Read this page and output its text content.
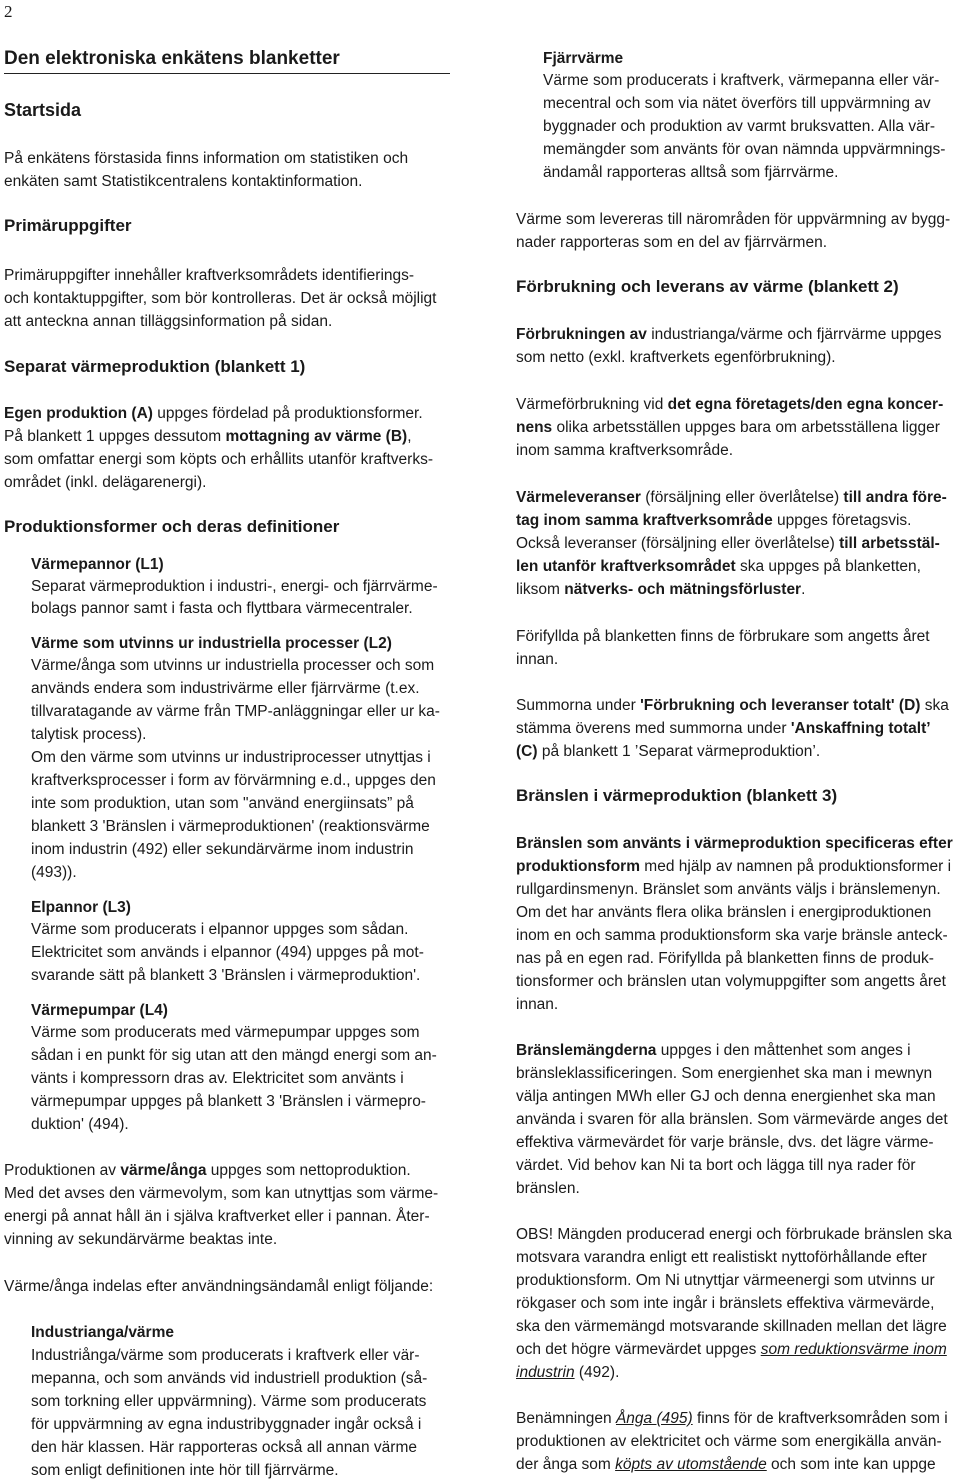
2
Den elektroniska enkätens blanketter
Startsida
På enkätens förstasida finns information om statistiken och
enkäten samt Statistikcentralens kontaktinformation.
Primäruppgifter
Primäruppgifter innehåller kraftverksområdets identifierings-
och kontaktuppgifter, som bör kontrolleras. Det är också möjligt
att anteckna annan tilläggsinformation på sidan.
Separat värmeproduktion (blankett 1)
Egen produktion (A) uppges fördelad på produktionsformer.
På blankett 1 uppges dessutom mottagning av värme (B),
som omfattar energi som köpts och erhållits utanför kraftverks-
området (inkl. delägarenergi).
Produktionsformer och deras definitioner
Värmepannor (L1)
Separat värmeproduktion i industri-, energi- och fjärrvärme-
bolags pannor samt i fasta och flyttbara värmecentraler.
Värme som utvinns ur industriella processer (L2)
Värme/ånga som utvinns ur industriella processer och som
används endera som industrivärme eller fjärrvärme (t.ex.
tillvaratagande av värme från TMP-anläggningar eller ur ka-
talytisk process).
Om den värme som utvinns ur industriprocesser utnyttjas i
kraftverksprocesser i form av förvärmning e.d., uppges den
inte som produktion, utan som "använd energiinsats” på
blankett 3 'Bränslen i värmeproduktionen' (reaktionsvärme
inom industrin (492) eller sekundärvärme inom industrin
(493)).
Elpannor (L3)
Värme som producerats i elpannor uppges som sådan.
Elektricitet som används i elpannor (494) uppges på mot-
svarande sätt på blankett 3 'Bränslen i värmeproduktion'.
Värmepumpar (L4)
Värme som producerats med värmepumpar uppges som
sådan i en punkt för sig utan att den mängd energi som an-
vänts i kompressorn dras av. Elektricitet som använts i
värmepumpar uppges på blankett 3 'Bränslen i värmepro-
duktion' (494).
Produktionen av värme/ånga uppges som nettoproduktion.
Med det avses den värmevolym, som kan utnyttjas som värme-
energi på annat håll än i själva kraftverket eller i pannan. Åter-
vinning av sekundärvärme beaktas inte.
Värme/ånga indelas efter användningsändamål enligt följande:
Industrianga/värme
Industriånga/värme som producerats i kraftverk eller vär-
mepanna, och som används vid industriell produktion (så-
som torkning eller uppvärmning). Värme som producerats
för uppvärmning av egna industribyggnader ingår också i
den här klassen. Här rapporteras också all annan värme
som enligt definitionen inte hör till fjärrvärme.
Fjärrvärme
Värme som producerats i kraftverk, värmepanna eller vär-
mecentral och som via nätet överförs till uppvärmning av
byggnader och produktion av varmt bruksvatten. Alla vär-
memängder som använts för ovan nämnda uppvärmnings-
ändamål rapporteras alltså som fjärrvärme.
Värme som levereras till närområden för uppvärmning av bygg-
nader rapporteras som en del av fjärrvärmen.
Förbrukning och leverans av värme (blankett 2)
Förbrukningen av industrianga/värme och fjärrvärme uppges
som netto (exkl. kraftverkets egenförbrukning).
Värmeförbrukning vid det egna företagets/den egna koncer-
nens olika arbetsställen uppges bara om arbetsställena ligger
inom samma kraftverksområde.
Värmeleveranser (försäljning eller överlåtelse) till andra före-
tag inom samma kraftverksområde uppges företagsvis.
Också leveranser (försäljning eller överlåtelse) till arbetsstäl-
len utanför kraftverksområdet ska uppges på blanketten,
liksom nätverks- och mätningsförluster.
Förifyllda på blanketten finns de förbrukare som angetts året
innan.
Summorna under 'Förbrukning och leveranser totalt' (D) ska
stämma överens med summorna under 'Anskaffning totalt’
(C) på blankett 1 ’Separat värmeproduktion’.
Bränslen i värmeproduktion (blankett 3)
Bränslen som använts i värmeproduktion specificeras efter
produktionsform med hjälp av namnen på produktionsformer i
rullgardinsmenyn. Bränslet som använts väljs i bränslemenyn.
Om det har använts flera olika bränslen i energiproduktionen
inom en och samma produktionsform ska varje bränsle anteck-
nas på en egen rad. Förifyllda på blanketten finns de produk-
tionsformer och bränslen utan volymuppgifter som angetts året
innan.
Bränslemängderna uppges i den måttenhet som anges i
bränsleklassificeringen. Som energienhet ska man i mewnyn
välja antingen MWh eller GJ och denna energienhet ska man
använda i svaren för alla bränslen. Som värmevärde anges det
effektiva värmevärdet för varje bränsle, dvs. det lägre värme-
värdet. Vid behov kan Ni ta bort och lägga till nya rader för
bränslen.
OBS! Mängden producerad energi och förbrukade bränslen ska
motsvara varandra enligt ett realistiskt nyttoförhållande efter
produktionsform. Om Ni utnyttjar värmeenergi som utvinns ur
rökgaser och som inte ingår i bränslets effektiva värmevärde,
ska den värmemängd motsvarande skillnaden mellan det lägre
och det högre värmevärdet uppges som reduktionsvärme inom
industrin (492).
Benämningen Ånga (495) finns för de kraftverksområden som i
produktionen av elektricitet och värme som energikälla använ-
der ånga som köpts av utomstående och som inte kan uppge
